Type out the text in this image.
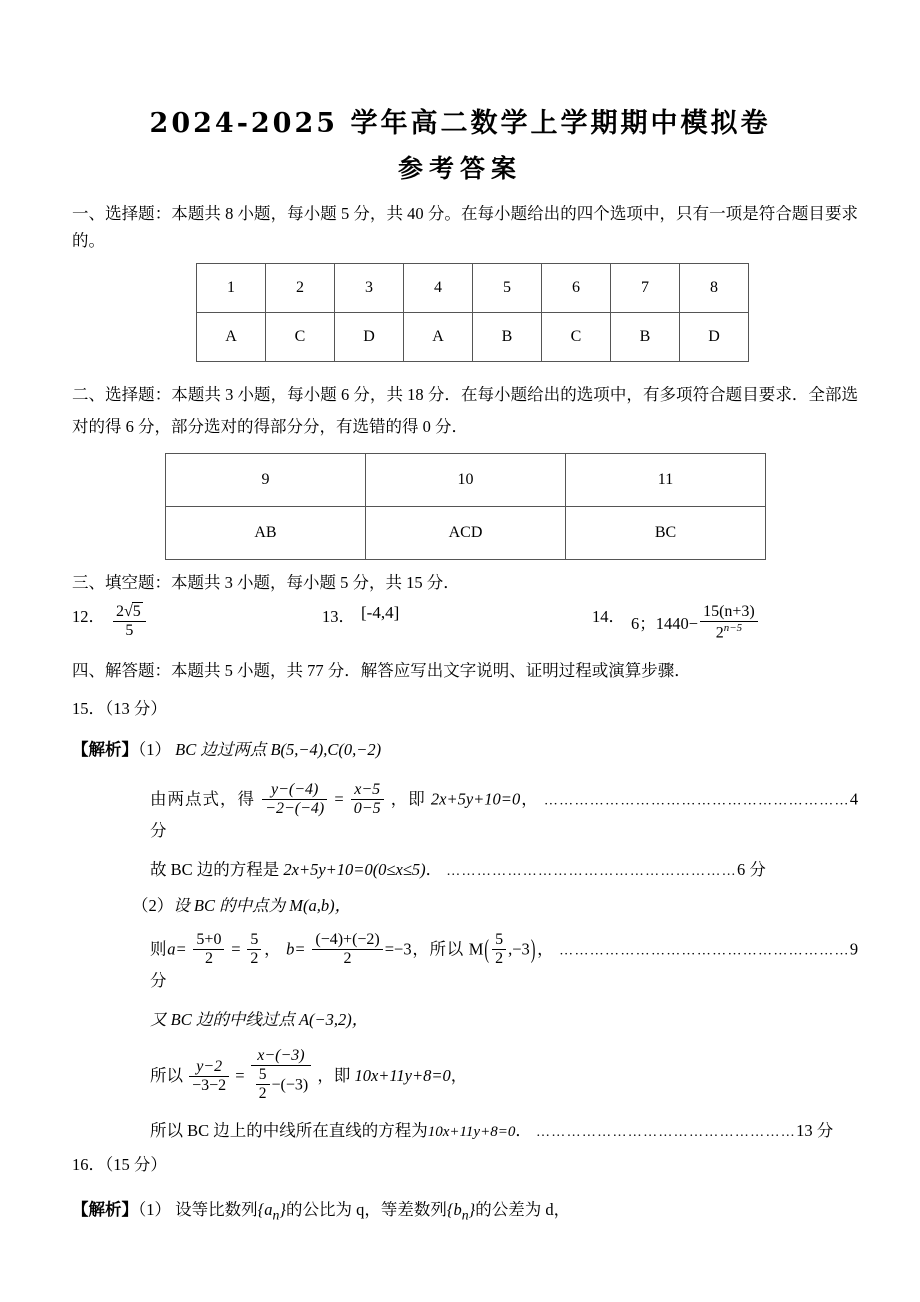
2024-2025 学年高二数学上学期期中模拟卷
参考答案

一、选择题：本题共 8 小题，每小题 5 分，共 40 分。在每小题给出的四个选项中，只有一项是符合题目要求的。

1	2	3	4	5	6	7	8
A	C	D	A	B	C	B	D

二、选择题：本题共 3 小题，每小题 6 分，共 18 分．在每小题给出的选项中，有多项符合题目要求．全部选对的得 6 分，部分选对的得部分分，有选错的得 0 分．

9	10	11
AB	ACD	BC

三、填空题：本题共 3 小题，每小题 5 分，共 15 分．

12． $\frac{2√5}{5}$	13． [-4,4]	14． 6；$1440- \frac{15(n+3)}{2^{n-5}}$

四、解答题：本题共 5 小题，共 77 分．解答应写出文字说明、证明过程或演算步骤．

15．（13 分）

【解析】（1） BC 边过两点 B(5,−4),C(0,−2)

由两点式，得 $\frac{y-(-4)}{-2-(-4)} = \frac{x-5}{0-5}$ ，即 2x+5y+10=0， ……………………………………………………4 分

故 BC 边的方程是 2x+5y+10=0(0≤x≤5)． …………………………………………………6 分

（2）设 BC 的中点为 M(a,b)，

则$a= \frac{5+0}{2} = \frac{5}{2}$ ， $b= \frac{(-4)+(-2)}{2} =-3$，所以 $M( \frac{5}{2} ,-3)$， …………………………………………………9 分

又 BC 边的中线过点 A(−3,2)，

所以 $\frac{y-2}{-3-2} = \frac{x-(-3)}{\frac{5}{2} -(-3)}$ ，即 10x+11y+8=0，

所以 BC 边上的中线所在直线的方程为10x+11y+8=0． ……………………………………………13 分

16．（15 分）

【解析】（1） 设等比数列$\{a_n\}$的公比为 q，等差数列$\{b_n\}$的公差为 d，
